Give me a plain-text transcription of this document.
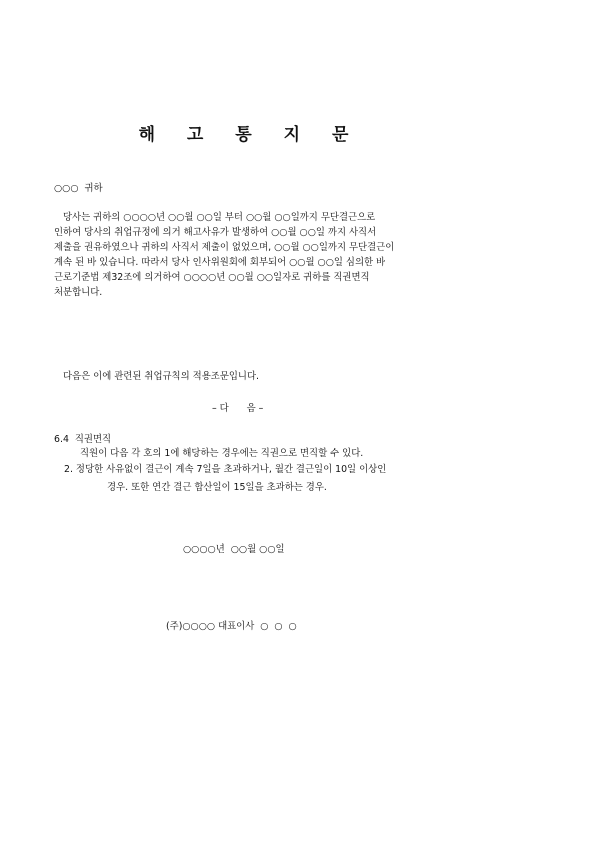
해 고 통 지 문
○○○  귀하
당사는 귀하의 ○○○○년 ○○월 ○○일 부터 ○○월 ○○일까지 무단결근으로
인하여 당사의 취업규정에 의거 해고사유가 발생하여 ○○월 ○○일 까지 사직서
제출을 권유하였으나 귀하의 사직서 제출이 없었으며, ○○월 ○○일까지 무단결근이
계속 된 바 있습니다. 따라서 당사 인사위원회에 회부되어 ○○월 ○○일 심의한 바
근로기준법 제32조에 의거하여 ○○○○년 ○○월 ○○일자로 귀하를 직권면직
처분합니다.
다음은 이에 관련된 취업규칙의 적용조문입니다.
– 다      음 –
6.4  직권면직
직원이 다음 각 호의 1에 해당하는 경우에는 직권으로 면직할 수 있다.
2. 정당한 사유없이 결근이 계속 7일을 초과하거나, 월간 결근일이 10일 이상인
경우. 또한 연간 결근 합산일이 15일을 초과하는 경우.
○○○○년  ○○월 ○○일
(주)○○○○ 대표이사  ○  ○  ○
